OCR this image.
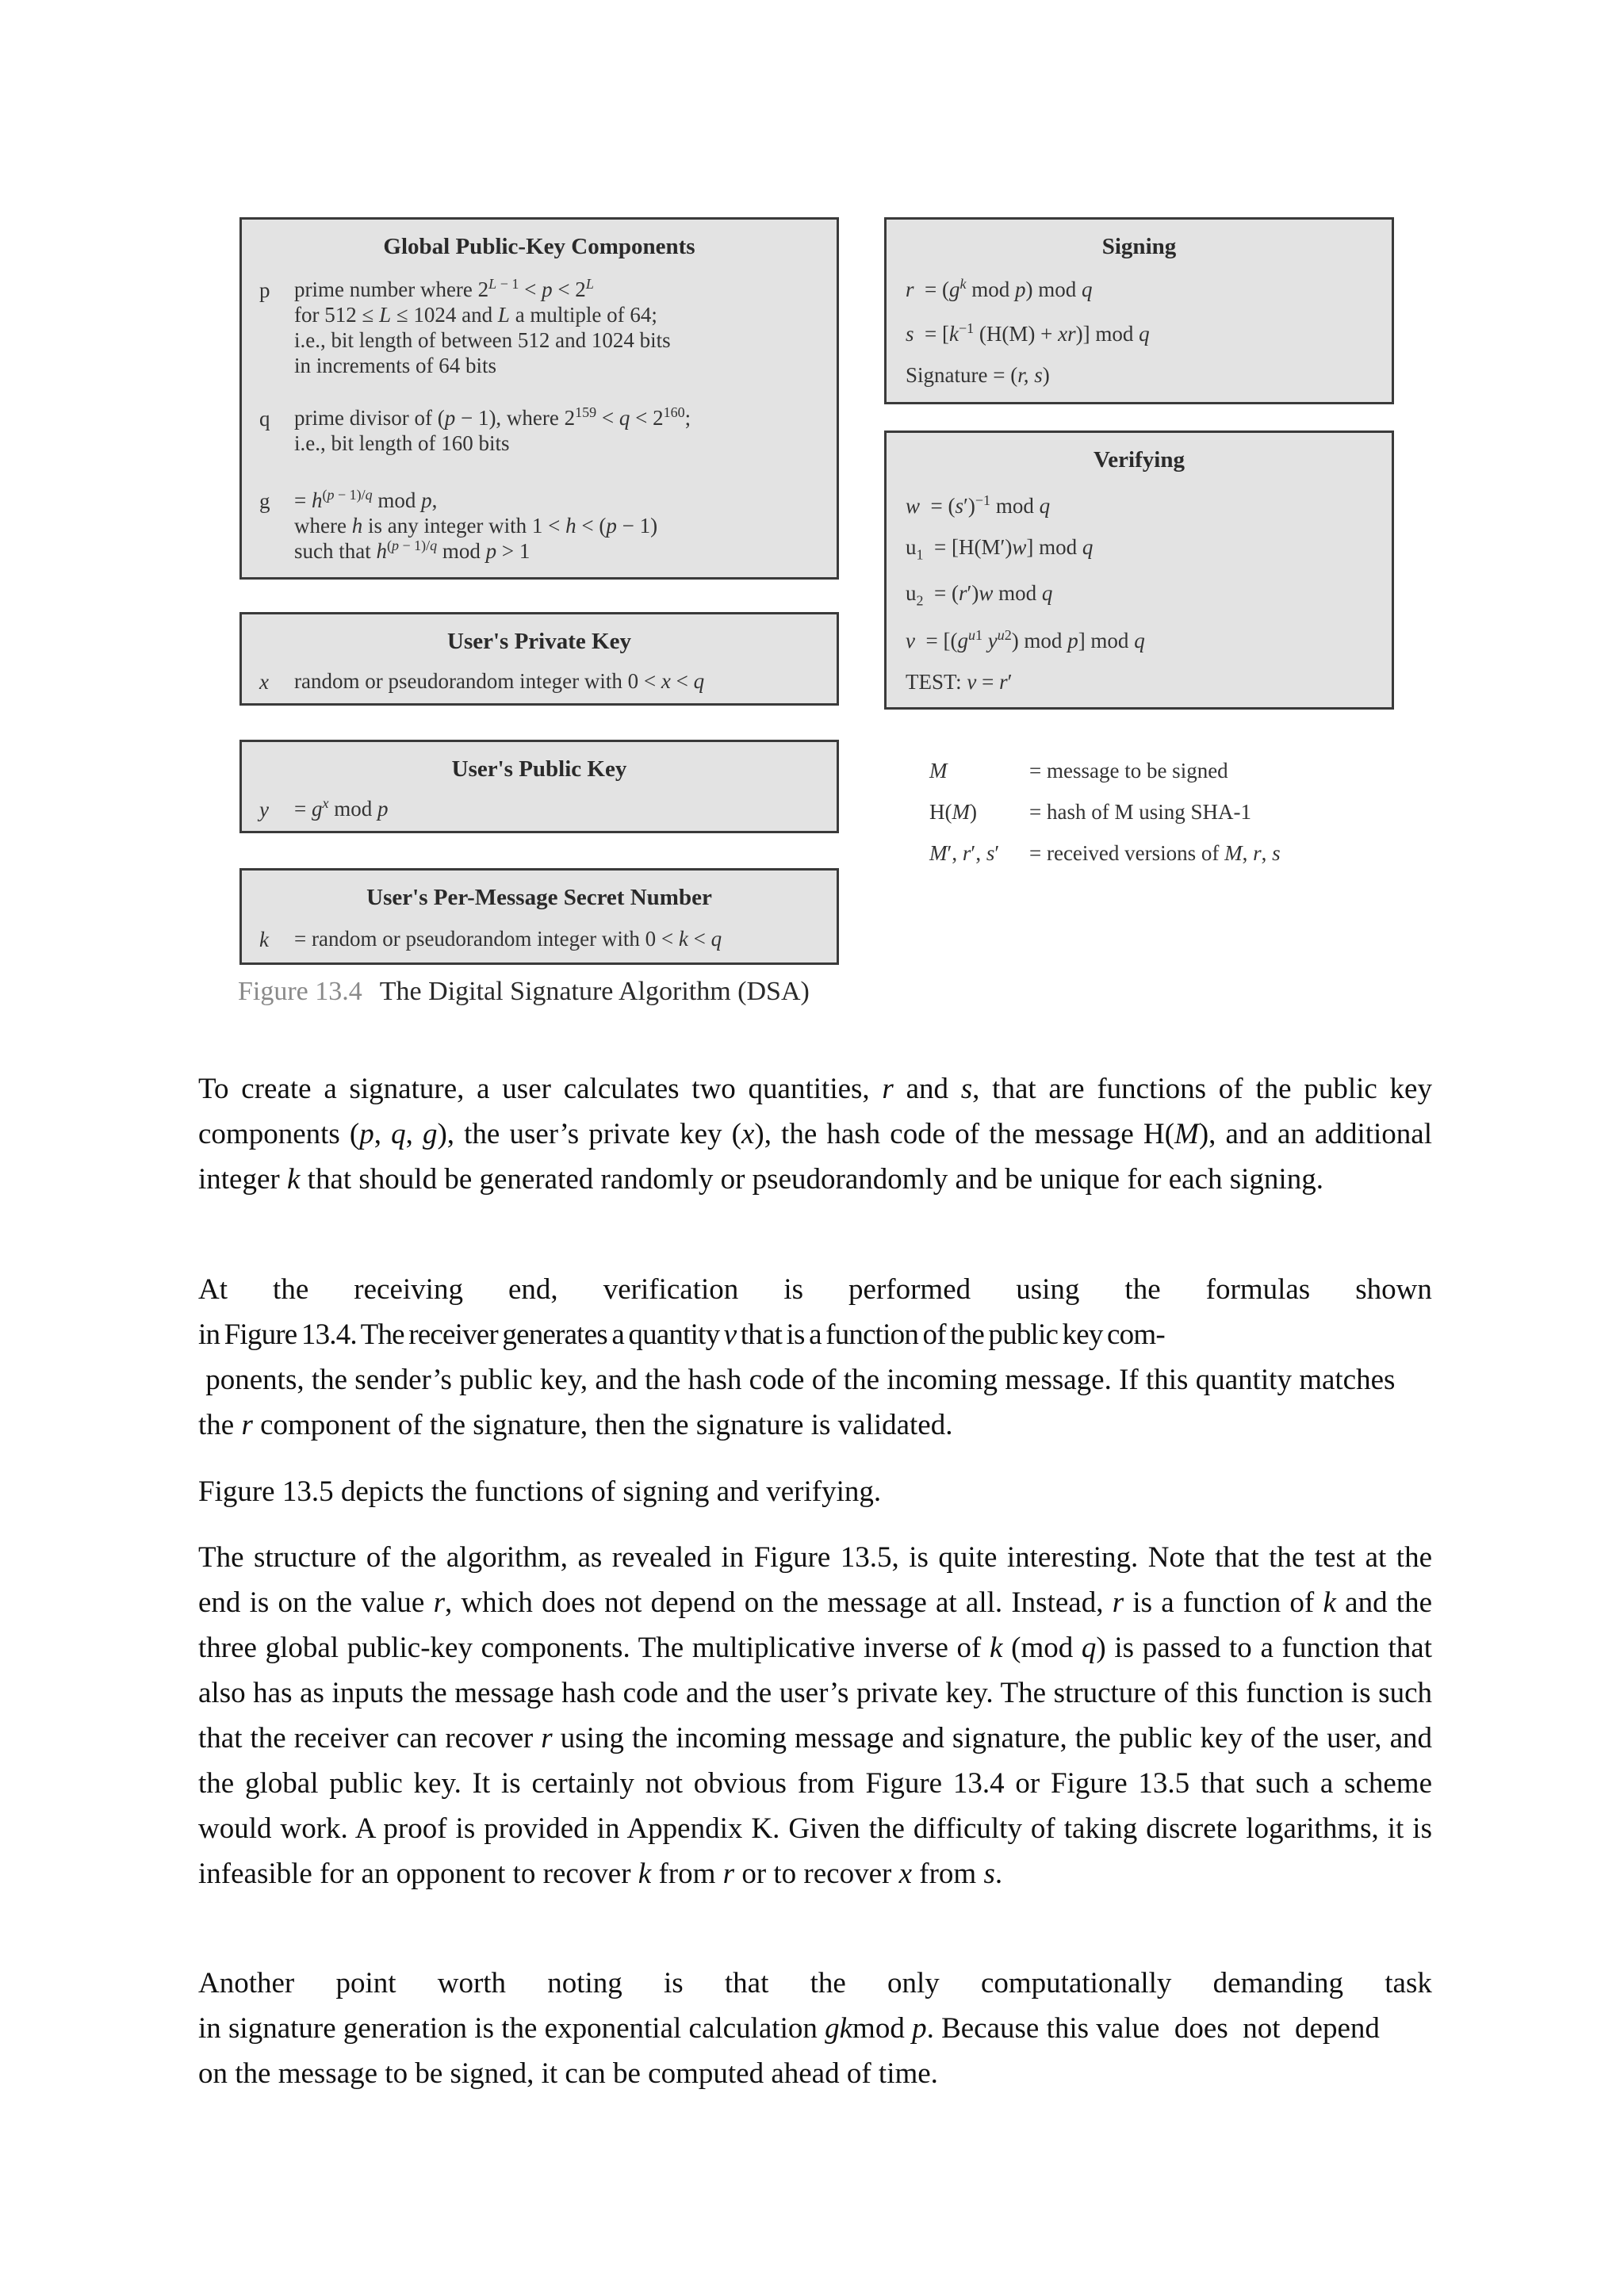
Global Public-Key Components
p prime number where $2^{L - 1} < p < 2^L$
for 512 ≤ L ≤ 1024 and L a multiple of 64;
i.e., bit length of between 512 and 1024 bits
in increments of 64 bits
q prime divisor of (p − 1), where $2^{159} < q < 2^{160}$;
i.e., bit length of 160 bits
$g = h^{(p - 1)/q}$ mod p,
where h is any integer with 1 < h < (p − 1)
such that $h^{(p - 1)/q}$ mod p > 1
User's Private Key
x random or pseudorandom integer with 0 < x < q
User's Public Key
$y = g^x$ mod p
User's Per-Message Secret Number
k = random or pseudorandom integer with 0 < k < q
Signing
$r = (g^k$ mod p) mod q
$s = [k^{-1}$ (H(M) + xr)] mod q
Signature = (r, s)
Verifying
$w = (s')^{-1}$ mod q
$u_1 = [H(M')w]$ mod q
$u_2 = (r')w$ mod q
$v = [(g^{u1}$ $y^{u2}$) mod p] mod q
TEST: v = r′
M	= message to be signed
H(M) = hash of M using SHA-1
M′, r′, s′ = received versions of M, r, s
Figure 13.4 The Digital Signature Algorithm (DSA)
To create a signature, a user calculates two quantities, r and s, that are functions of the public key components (p, q, g), the user’s private key (x), the hash code of the message H(M), and an additional integer k that should be generated randomly or pseudorandomly and be unique for each signing.
At the receiving end, verification is performed using the formulas shown
in Figure 13.4. The receiver generates a quantity v that is a function of the public key com-
ponents, the sender’s public key, and the hash code of the incoming message. If this quantity matches
the r component of the signature, then the signature is validated.
Figure 13.5 depicts the functions of signing and verifying.
The structure of the algorithm, as revealed in Figure 13.5, is quite interesting. Note that the test at the end is on the value r, which does not depend on the message at all. Instead, r is a function of k and the three global public-key components. The multiplicative inverse of k (mod q) is passed to a function that also has as inputs the message hash code and the user’s private key. The structure of this function is such that the receiver can recover r using the incoming message and signature, the public key of the user, and the global public key. It is certainly not obvious from Figure 13.4 or Figure 13.5 that such a scheme would work. A proof is provided in Appendix K. Given the difficulty of taking discrete logarithms, it is infeasible for an opponent to recover k from r or to recover x from s.
Another point worth noting is that the only computationally demanding task
in signature generation is the exponential calculation gkmod p. Because this value  does  not  depend
on the message to be signed, it can be computed ahead of time.
